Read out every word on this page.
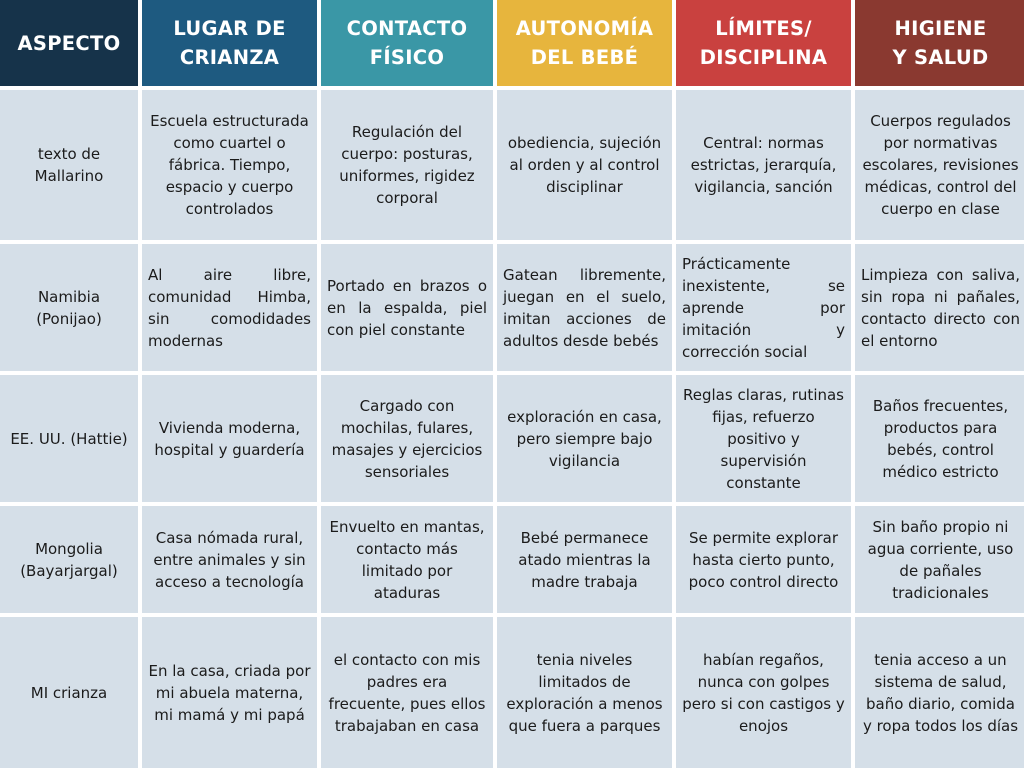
ASPECTO
LUGAR DE
CRIANZA
CONTACTO
FÍSICO
AUTONOMÍA
DEL BEBÉ
LÍMITES/
DISCIPLINA
HIGIENE
Y SALUD
texto de
Mallarino
Escuela estructurada como cuartel o fábrica. Tiempo, espacio y cuerpo controlados
Regulación del cuerpo: posturas, uniformes, rigidez corporal
obediencia, sujeción al orden y al control disciplinar
Central: normas estrictas, jerarquía, vigilancia, sanción
Cuerpos regulados por normativas escolares, revisiones médicas, control del cuerpo en clase
Namibia
(Ponijao)
Al aire libre, comunidad Himba, sin comodidades modernas
Portado en brazos o en la espalda, piel con piel constante
Gatean libremente, juegan en el suelo, imitan acciones de adultos desde bebés
Prácticamente inexistente, se aprende por imitación y corrección social
Limpieza con saliva, sin ropa ni pañales, contacto directo con el entorno
EE. UU. (Hattie)
Vivienda moderna, hospital y guardería
Cargado con mochilas, fulares, masajes y ejercicios sensoriales
exploración en casa, pero siempre bajo vigilancia
Reglas claras, rutinas fijas, refuerzo positivo y supervisión constante
Baños frecuentes, productos para bebés, control médico estricto
Mongolia
(Bayarjargal)
Casa nómada rural, entre animales y sin acceso a tecnología
Envuelto en mantas, contacto más limitado por ataduras
Bebé permanece atado mientras la madre trabaja
Se permite explorar hasta cierto punto, poco control directo
Sin baño propio ni agua corriente, uso de pañales tradicionales
MI crianza
En la casa, criada por mi abuela materna, mi mamá y mi papá
el contacto con mis padres era frecuente, pues ellos trabajaban en casa
tenia niveles limitados de exploración a menos que fuera a parques
habían regaños, nunca con golpes pero si con castigos y enojos
tenia acceso a un sistema de salud, baño diario, comida y ropa todos los días
